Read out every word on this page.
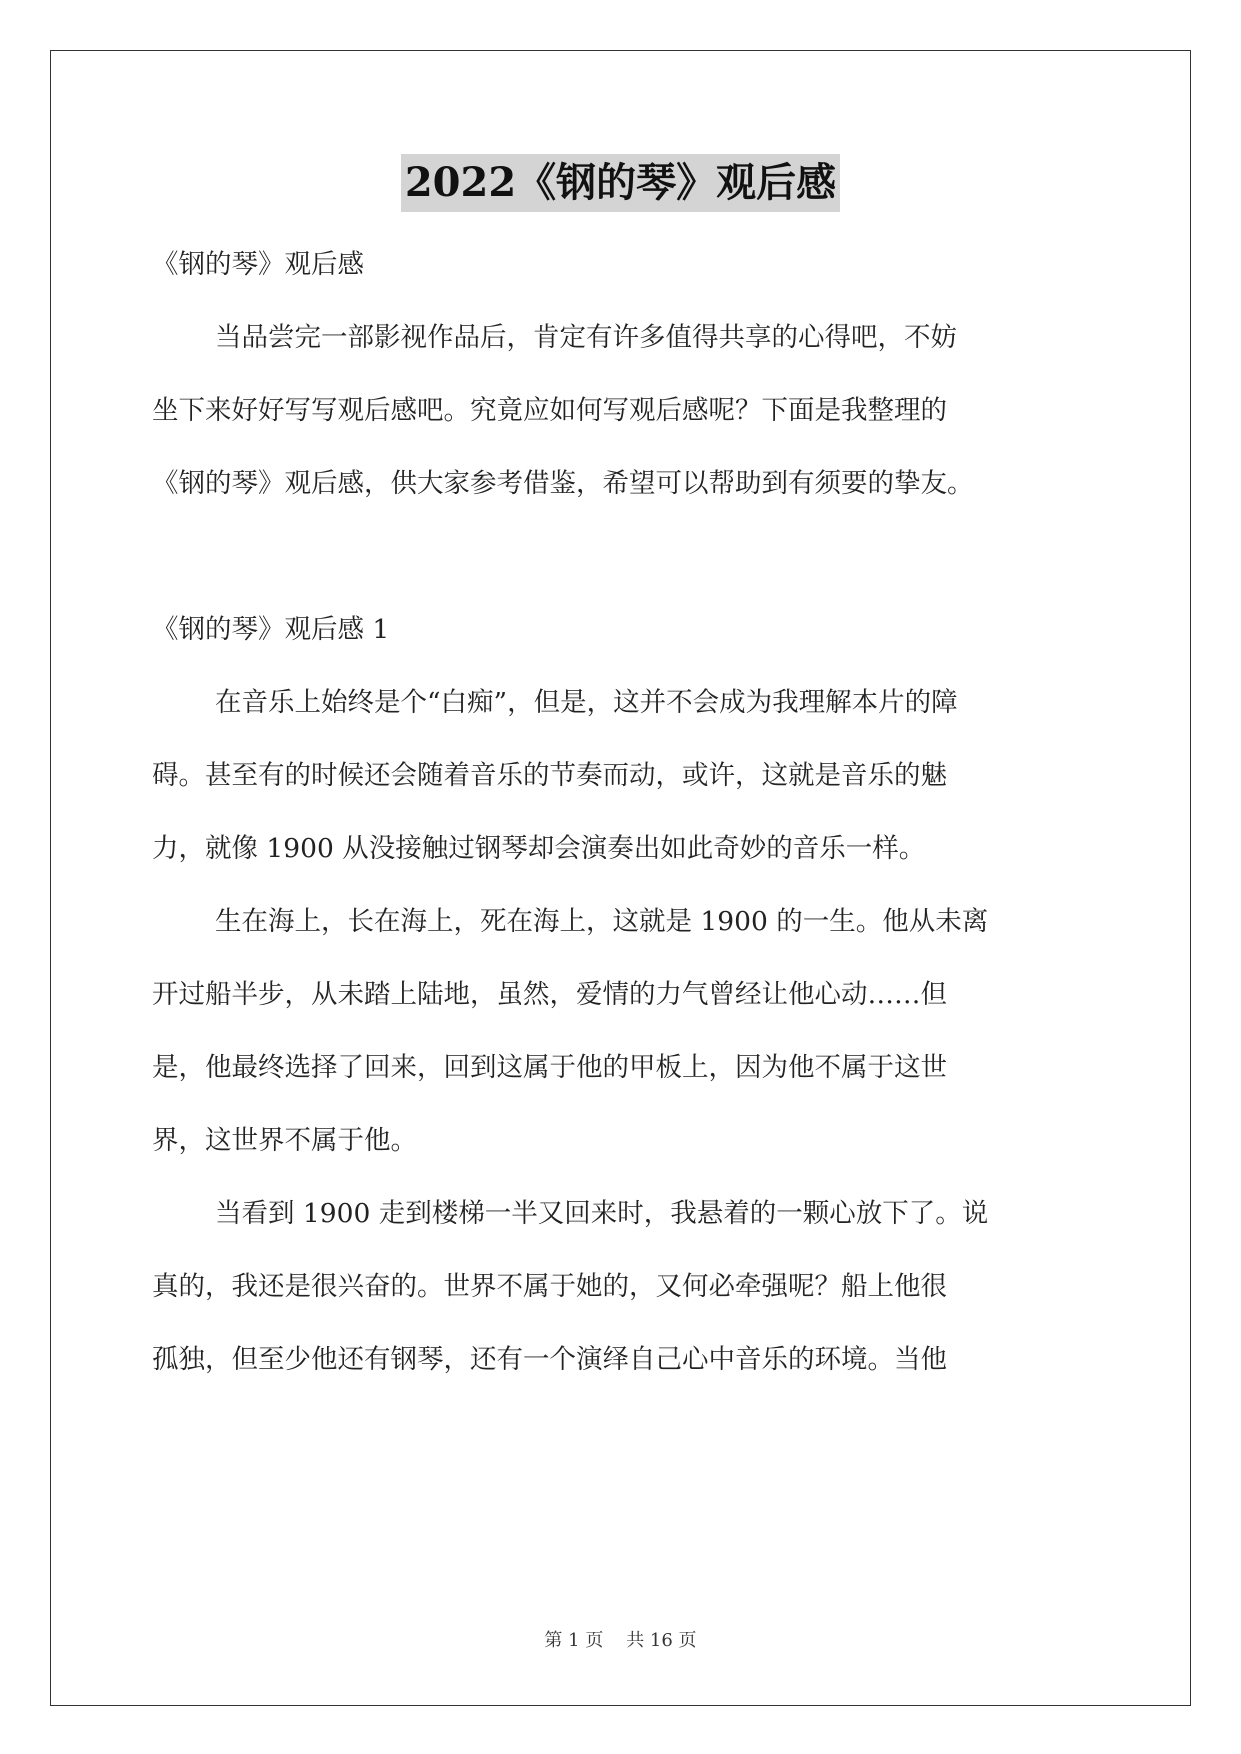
2022《钢的琴》观后感
《钢的琴》观后感
当品尝完一部影视作品后，肯定有许多值得共享的心得吧，不妨
坐下来好好写写观后感吧。究竟应如何写观后感呢？下面是我整理的
《钢的琴》观后感，供大家参考借鉴，希望可以帮助到有须要的挚友。
《钢的琴》观后感 1
在音乐上始终是个“白痴”，但是，这并不会成为我理解本片的障
碍。甚至有的时候还会随着音乐的节奏而动，或许，这就是音乐的魅
力，就像 1900 从没接触过钢琴却会演奏出如此奇妙的音乐一样。
生在海上，长在海上，死在海上，这就是 1900 的一生。他从未离
开过船半步，从未踏上陆地，虽然，爱情的力气曾经让他心动……但
是，他最终选择了回来，回到这属于他的甲板上，因为他不属于这世
界，这世界不属于他。
当看到 1900 走到楼梯一半又回来时，我悬着的一颗心放下了。说
真的，我还是很兴奋的。世界不属于她的，又何必牵强呢？船上他很
孤独，但至少他还有钢琴，还有一个演绎自己心中音乐的环境。当他
第 1 页    共 16 页
